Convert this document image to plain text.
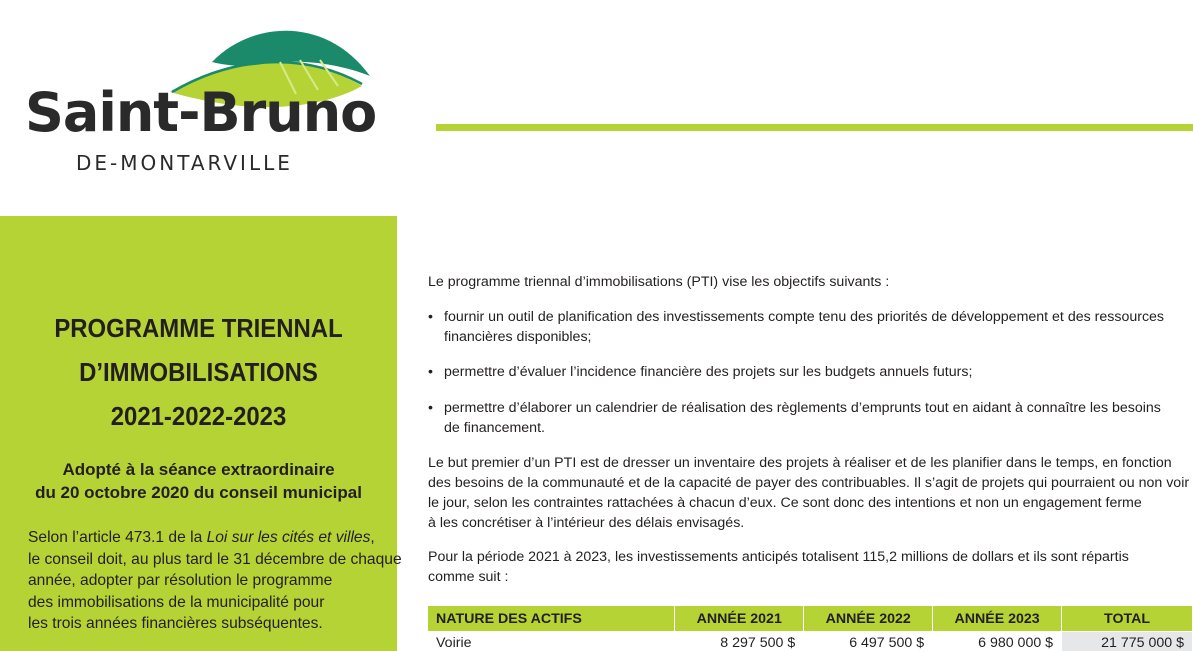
Saint-Bruno
DE-MONTARVILLE
PROGRAMME TRIENNAL
D’IMMOBILISATIONS
2021-2022-2023
Adopté à la séance extraordinaire
du 20 octobre 2020 du conseil municipal
Selon l’article 473.1 de la Loi sur les cités et villes,
le conseil doit, au plus tard le 31 décembre de chaque
année, adopter par résolution le programme
des immobilisations de la municipalité pour
les trois années financières subséquentes.

Le programme triennal d’immobilisations (PTI) vise les objectifs suivants :

• fournir un outil de planification des investissements compte tenu des priorités de développement et des ressources
financières disponibles;
• permettre d’évaluer l’incidence financière des projets sur les budgets annuels futurs;
• permettre d’élaborer un calendrier de réalisation des règlements d’emprunts tout en aidant à connaître les besoins
de financement.
Le but premier d’un PTI est de dresser un inventaire des projets à réaliser et de les planifier dans le temps, en fonction
des besoins de la communauté et de la capacité de payer des contribuables. Il s’agit de projets qui pourraient ou non voir
le jour, selon les contraintes rattachées à chacun d’eux. Ce sont donc des intentions et non un engagement ferme
à les concrétiser à l’intérieur des délais envisagés.
Pour la période 2021 à 2023, les investissements anticipés totalisent 115,2 millions de dollars et ils sont répartis
comme suit :
NATURE DES ACTIFS	ANNÉE 2021	ANNÉE 2022	ANNÉE 2023	TOTAL
Voirie	8 297 500 $	6 497 500 $	6 980 000 $	21 775 000 $
